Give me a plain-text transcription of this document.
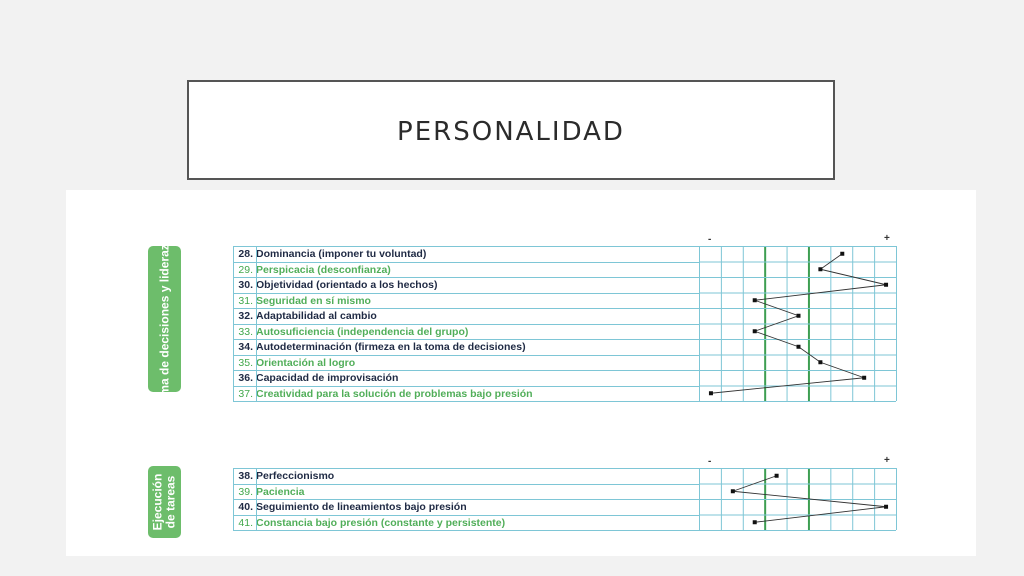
PERSONALIDAD
Toma de decisiones y liderazgo	28. Dominancia (imponer tu voluntad)
29. Perspicacia (desconfianza)
30. Objetividad (orientado a los hechos)
31. Seguridad en sí mismo
32. Adaptabilidad al cambio
33. Autosuficiencia (independencia del grupo)
34. Autodeterminación (firmeza en la toma de decisiones)
35. Orientación al logro
36. Capacidad de improvisación
37. Creatividad para la solución de problemas bajo presión
-	+
Ejecución de tareas	38. Perfeccionismo
39. Paciencia
40. Seguimiento de lineamientos bajo presión
41. Constancia bajo presión (constante y persistente)
-	+
